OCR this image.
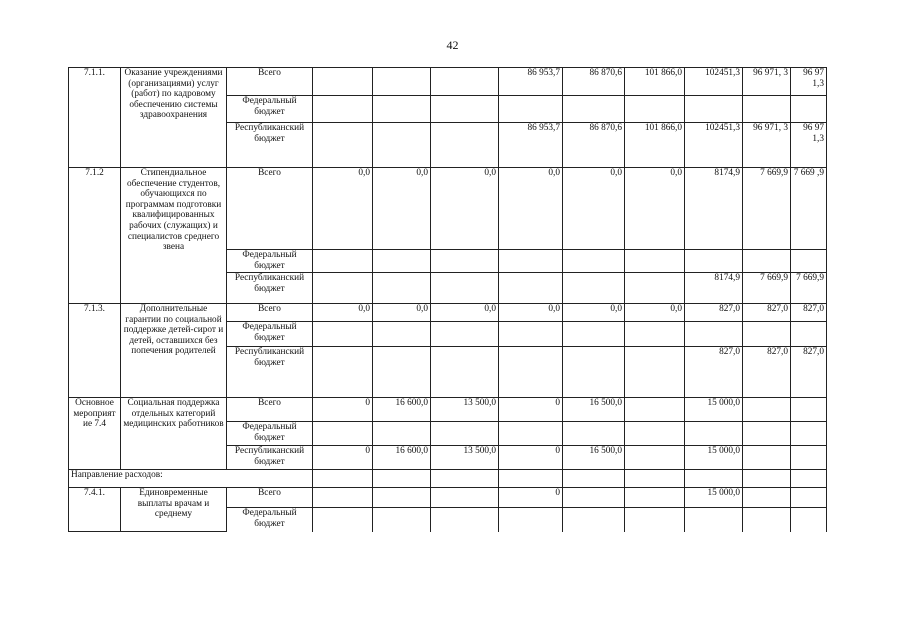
42
7.1.1.	Оказание учреждениями (организациями) услуг (работ) по кадровому обеспечению системы здравоохранения	Всего				86 953,7	86 870,6	101 866,0	102451,3	96 971, 3	96 97 1,3
		Федеральный бюджет									
		Республиканский бюджет				86 953,7	86 870,6	101 866,0	102451,3	96 971, 3	96 97 1,3
7.1.2	Стипендиальное обеспечение студентов, обучающихся по программам подготовки квалифицированных рабочих (служащих) и специалистов среднего звена	Всего	0,0	0,0	0,0	0,0	0,0	0,0	8174,9	7 669,9	7 669 ,9
		Федеральный бюджет									
		Республиканский бюджет							8174,9	7 669,9	7 669,9
7.1.3.	Дополнительные гарантии по социальной поддержке детей-сирот и детей, оставшихся без попечения родителей	Всего	0,0	0,0	0,0	0,0	0,0	0,0	827,0	827,0	827,0
		Федеральный бюджет									
		Республиканский бюджет							827,0	827,0	827,0
Основное мероприятие 7.4	Социальная поддержка отдельных категорий медицинских работников	Всего	0	16 600,0	13 500,0	0	16 500,0		15 000,0		
		Федеральный бюджет									
		Республиканский бюджет	0	16 600,0	13 500,0	0	16 500,0		15 000,0		
Направление расходов:											
7.4.1.	Единовременные выплаты врачам и среднему	Всего				0			15 000,0		
		Федеральный бюджет									
